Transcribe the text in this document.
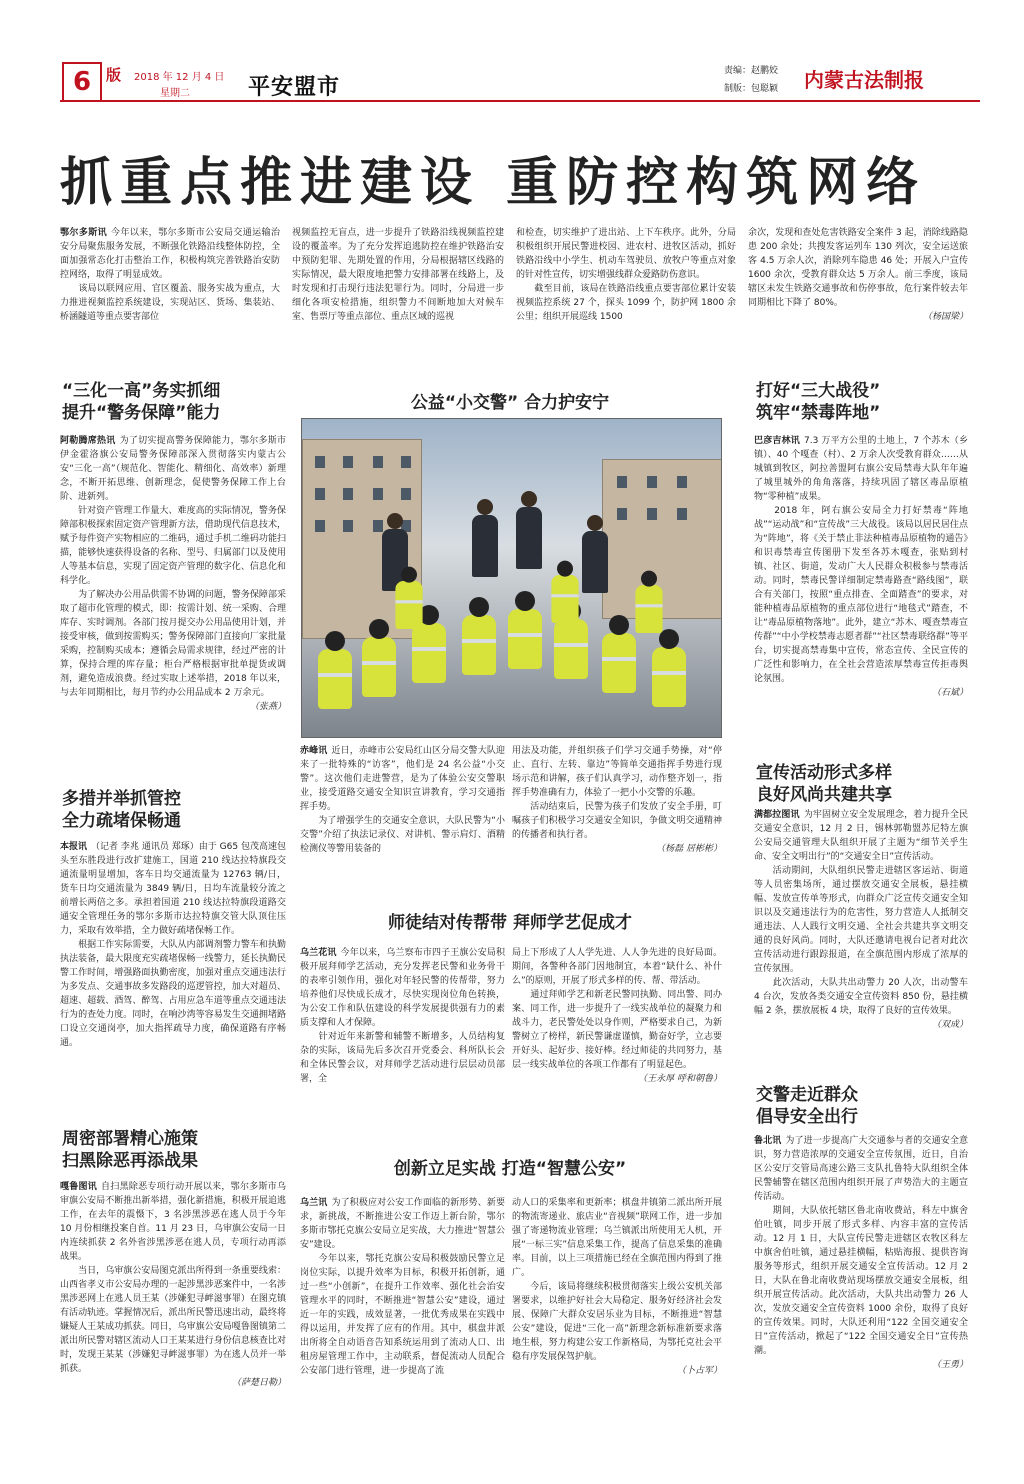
6 版 2018 年 12 月 4 日
星期二	平安盟市
责编：赵鹏姣
制版：包聪颖 内蒙古法制报
抓重点推进建设 重防控构筑网络
鄂尔多斯讯 今年以来，鄂尔多斯市公安局交通运输治安分局聚焦服务发展，不断强化铁路沿线整体防控，全面加强常态化打击整治工作，积极构筑完善铁路治安防控网络，取得了明显成效。
　　该局以联网应用、官区覆盖、服务实战为重点，大力推进视频监控系统建设，实现站区、货场、集装站、桥涵隧道等重点要害部位
视频监控无盲点，进一步提升了铁路沿线视频监控建设的覆盖率。为了充分发挥追逃防控在维护铁路治安中预防犯罪、先期处置的作用，分局根据辖区线路的实际情况，最大限度地把警力安排部署在线路上，及时发现和打击现行违法犯罪行为。同时，分局进一步细化各项安检措施，组织警力不间断地加大对候车室、售票厅等重点部位、重点区域的巡视
和检查，切实维护了进出站、上下车秩序。此外，分局积极组织开展民警进校园、进农村、进牧区活动，抓好铁路沿线中小学生、机动车驾驶员、放牧户等重点对象的针对性宣传，切实增强线群众爱路防伤意识。
　　截至目前，该局在铁路沿线重点要害部位累计安装视频监控系统 27 个，探头 1099 个，防护网 1800 余公里；组织开展巡线 1500
余次，发现和查处危害铁路安全案件 3 起，消除线路隐患 200 余处；共搜发客运列车 130 列次，安全运送旅客 4.5 万余人次，消除列车隐患 46 处；开展入户宣传 1600 余次，受教育群众达 5 万余人。前三季度，该局辖区未发生铁路交通事故和伤停事故，危行案件较去年同期相比下降了 80%。

（杨国梁）
“三化一高”务实抓细
提升“警务保障”能力
阿勒腾席热讯 为了切实提高警务保障能力，鄂尔多斯市伊金霍洛旗公安局警务保障部深入贯彻落实内蒙古公安“三化一高”（规范化、智能化、精细化、高效率）新理念，不断开拓思维、创新理念，促使警务保障工作上台阶、进新列。
　　针对资产管理工作量大、难度高的实际情况，警务保障部积极探索固定资产管理新方法，借助现代信息技术，赋予每件资产实物相应的二维码，通过手机二维码功能扫描，能够快速获得设备的名称、型号、归属部门以及使用人等基本信息，实现了固定资产管理的数字化、信息化和科学化。
　　为了解决办公用品供需不协调的问题，警务保障部采取了超市化管理的模式，即：按需计划、统一采购、合理库存、实时调剂。各部门按月提交办公用品使用计划，并接受审核，做到按需购买；警务保障部门直接向厂家批量采购，控制购买成本；遵循会局需求规律，经过严密的计算，保持合理的库存量；柜台严格根据审批单提货或调剂，避免造成浪费。经过实取上述举措，2018 年以来，与去年同期相比，每月节约办公用品成本 2 万余元。

（张燕）
多措并举抓管控
全力疏堵保畅通
本报讯 （记者 李兆 通讯员 郑琢）由于 G65 包茂高速包头至东胜段进行改扩建施工，国道 210 线达拉特旗段交通流量明显增加，客车日均交通流量为 12763 辆/日，货车日均交通流量为 3849 辆/日，日均车流量较分流之前增长两倍之多。承担着国道 210 线达拉特旗段道路交通安全管理任务的鄂尔多斯市达拉特旗交管大队顶住压力，采取有效举措，全力做好疏堵保畅工作。
　　根据工作实际需要，大队从内部调剂警力警车和执勤执法装备，最大限度充实疏堵保畅一线警力，延长执勤民警工作时间，增强路面执勤密度，加强对重点交通违法行为多发点、交通事故多发路段的巡逻管控，加大对超员、超速、超载、酒驾、醉驾、占用应急车道等重点交通违法行为的查处力度。同时，在响沙湾等容易发生交通拥堵路口设立交通岗亭，加大指挥疏导力度，确保道路有序畅通。
周密部署精心施策
扫黑除恶再添战果
嘎鲁图讯 自扫黑除恶专项行动开展以来，鄂尔多斯市乌审旗公安局不断推出新举措，强化新措施，积极开展追逃工作，在去年的震慑下，3 名涉黑涉恶在逃人员于今年 10 月份相继投案自首。11 月 23 日，乌审旗公安局一日内连续抓获 2 名外省涉黑涉恶在逃人员，专项行动再添战果。
　　当日，乌审旗公安局图克派出所得到一条重要线索：山西省孝义市公安局办理的一起涉黑涉恶案件中，一名涉黑涉恶网上在逃人员王某（涉嫌犯寻衅滋事罪）在图克镇有活动轨迹。掌握情况后，派出所民警迅速出动，最终将嫌疑人王某成功抓获。同日，乌审旗公安局嘎鲁图镇第二派出所民警对辖区流动人口王某某进行身份信息核查比对时，发现王某某（涉嫌犯寻衅滋事罪）为在逃人员并一举抓获。

（萨楚日勒）
公益“小交警” 合力护安宁
赤峰讯 近日，赤峰市公安局红山区分局交警大队迎来了一批特殊的“访客”，他们是 24 名公益“小交警”。这次他们走进警营，是为了体验公安交警职业，接受道路交通安全知识宣讲教育，学习交通指挥手势。
　　为了增强学生的交通安全意识，大队民警为“小交警”介绍了执法记录仪、对讲机、警示肩灯、酒精检测仪等警用装备的
用法及功能，并组织孩子们学习交通手势操，对“停止、直行、左转、靠边”等简单交通指挥手势进行现场示范和讲解，孩子们认真学习，动作整齐划一，指挥手势准确有力，体验了一把小小交警的乐趣。
　　活动结束后，民警为孩子们发放了安全手册，叮嘱孩子们积极学习交通安全知识，争做文明交通精神的传播者和执行者。

（杨磊 居彬彬）
师徒结对传帮带 拜师学艺促成才
乌兰花讯 今年以来，乌兰察布市四子王旗公安局积极开展拜师学艺活动，充分发挥老民警和业务骨干的表率引领作用，强化对年轻民警的传帮带，努力培养他们尽快成长成才，尽快实现岗位角色转换，为公安工作和队伍建设的科学发展提供强有力的素质支撑和人才保障。
　　针对近年来新警和辅警不断增多，人员结构复杂的实际，该局先后多次召开党委会、科所队长会和全体民警会议，对拜师学艺活动进行层层动员部署，全
局上下形成了人人学先进、人人争先进的良好局面。期间，各警种各部门因地制宜，本着“缺什么、补什么”的原则，开展了形式多样的传、帮、带活动。
　　通过拜师学艺和新老民警同执勤、同出警、同办案、同工作，进一步提升了一线实战单位的凝聚力和战斗力，老民警处处以身作则，严格要求自己，为新警树立了榜样，新民警谦虚谨慎，勤奋好学，立志要开好头、起好步、接好棒。经过师徒的共同努力，基层一线实战单位的各项工作都有了明显起色。

（王永厚 呼和朝鲁）
创新立足实战 打造“智慧公安”
乌兰讯 为了积极应对公安工作面临的新形势、新要求，新挑战，不断推进公安工作迈上新台阶，鄂尔多斯市鄂托克旗公安局立足实战，大力推进“智慧公安”建设。
　　今年以来，鄂托克旗公安局积极鼓励民警立足岗位实际，以提升效率为目标，积极开拓创新，通过一些“小创新”，在提升工作效率、强化社会治安管理水平的同时，不断推进“智慧公安”建设，通过近一年的实践，成效显著，一批优秀成果在实践中得以运用，并发挥了应有的作用。其中，棋盘井派出所将全自动语音告知系统运用到了流动人口、出租房屋管理工作中，主动联系，督促流动人员配合公安部门进行管理，进一步提高了流
动人口的采集率和更新率；棋盘井镇第二派出所开展的物流寄递业、旅店业“音视频”联网工作，进一步加强了寄递物流业管理；乌兰镇派出所使用无人机，开展“一标三实”信息采集工作，提高了信息采集的准确率。目前，以上三项措施已经在全旗范围内得到了推广。
　　今后，该局将继续积极贯彻落实上级公安机关部署要求，以维护好社会大局稳定、服务好经济社会发展、保障广大群众安居乐业为目标，不断推进“智慧公安”建设，促进“三化一高”新理念新标准新要求落地生根，努力构建公安工作新格局，为鄂托克社会平稳有序发展保驾护航。

（卜占军）
打好“三大战役”
筑牢“禁毒阵地”
巴彦吉林讯 7.3 万平方公里的土地上，7 个苏木（乡镇）、40 个嘎查（村）、2 万余人次受教育群众……从城镇到牧区，阿拉善盟阿右旗公安局禁毒大队年年遍了城里城外的角角落落，持续巩固了辖区毒品原植物“零种植”成果。
　　2018 年，阿右旗公安局全力打好禁毒“阵地战”“运动战”和“宣传战”三大战役。该局以居民居住点为“阵地”，将《关于禁止非法种植毒品原植物的通告》和识毒禁毒宣传图册下发至各苏木嘎查，张贴到村镇、社区、街道，发动广大人民群众积极参与禁毒活动。同时，禁毒民警详细制定禁毒路查“路线图”，联合有关部门，按照“重点排查、全面踏查”的要求，对能种植毒品原植物的重点部位进行“地毯式”踏查，不让“毒品原植物落地”。此外，建立“苏木、嘎查禁毒宣传群”“中小学校禁毒志愿者群”“社区禁毒联络群”等平台，切实提高禁毒集中宣传，常态宣传、全民宣传的广泛性和影响力，在全社会营造浓厚禁毒宣传拒毒舆论氛围。

（石斌）
宣传活动形式多样
良好风尚共建共享
满都拉图讯 为牢固树立安全发展理念，着力提升全民交通安全意识，12 月 2 日，锡林郭勒盟苏尼特左旗公安局交通管理大队组织开展了主题为“细节关乎生命、安全文明出行”的“交通安全日”宣传活动。
　　活动期间，大队组织民警走进辖区客运站、街道等人员密集场所，通过摆放交通安全展板，悬挂横幅、发放宣传单等形式，向群众广泛宣传交通安全知识以及交通违法行为的危害性，努力营造人人抵制交通违法、人人践行文明交通、全社会共建共享文明交通的良好风尚。同时，大队还邀请电视台记者对此次宣传活动进行跟踪报道，在全旗范围内形成了浓厚的宣传氛围。
　　此次活动，大队共出动警力 20 人次，出动警车 4 台次，发放各类交通安全宣传资料 850 份，悬挂横幅 2 条，摆放展板 4 块，取得了良好的宣传效果。

（双成）
交警走近群众
倡导安全出行
鲁北讯 为了进一步提高广大交通参与者的交通安全意识，努力营造浓厚的交通安全宣传氛围，近日，自治区公安厅交管局高速公路三支队扎鲁特大队组织全体民警辅警在辖区范围内组织开展了声势浩大的主题宣传活动。
　　期间，大队依托辖区鲁北南收费站，科左中旗舍伯吐镇，同步开展了形式多样、内容丰富的宣传活动。12 月 1 日，大队宣传民警走进辖区农牧区科左中旗舍伯吐镇，通过悬挂横幅，粘贴海报、提供咨询服务等形式，组织开展交通安全宣传活动。12 月 2 日，大队在鲁北南收费站现场摆放交通安全展板，组织开展宣传活动。此次活动，大队共出动警力 26 人次，发放交通安全宣传资料 1000 余份，取得了良好的宣传效果。同时，大队还利用“122 全国交通安全日”宣传活动，掀起了“122 全国交通安全日”宣传热潮。

（王勇）
